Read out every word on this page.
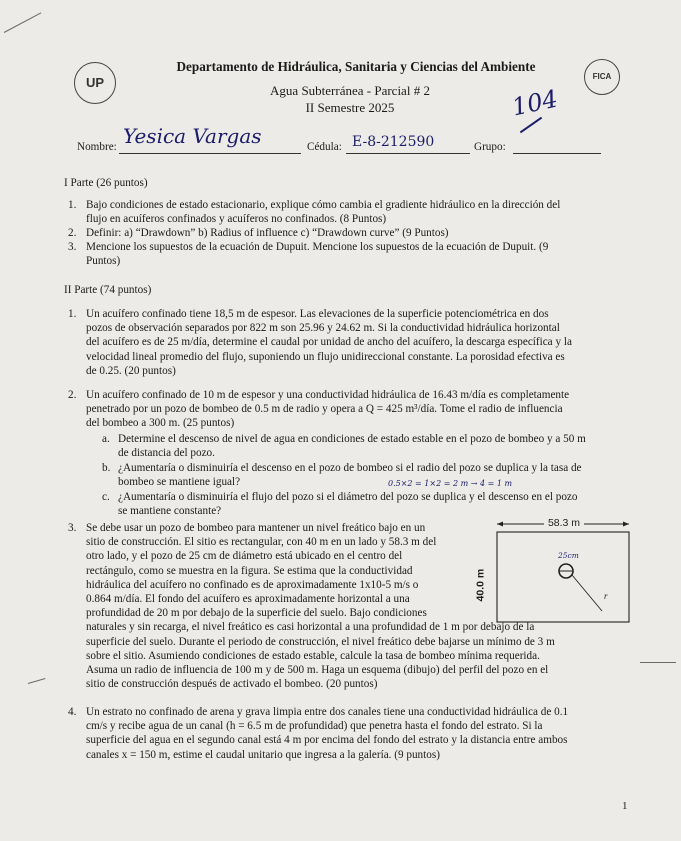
UP	FICA
Departamento de Hidráulica, Sanitaria y Ciencias del Ambiente
Agua Subterránea - Parcial # 2
II Semestre 2025	104
Nombre: Yesica Vargas	Cédula: E-8-212590	Grupo:
I Parte (26 puntos)
1. Bajo condiciones de estado estacionario, explique cómo cambia el gradiente hidráulico en la dirección del
flujo en acuíferos confinados y acuíferos no confinados. (8 Puntos)
2. Definir: a) “Drawdown” b) Radius of influence c) “Drawdown curve” (9 Puntos)
3. Mencione los supuestos de la ecuación de Dupuit. Mencione los supuestos de la ecuación de Dupuit. (9
Puntos)
II Parte (74 puntos)
1. Un acuífero confinado tiene 18,5 m de espesor. Las elevaciones de la superficie potenciométrica en dos
pozos de observación separados por 822 m son 25.96 y 24.62 m. Si la conductividad hidráulica horizontal
del acuífero es de 25 m/día, determine el caudal por unidad de ancho del acuífero, la descarga específica y la
velocidad lineal promedio del flujo, suponiendo un flujo unidireccional constante. La porosidad efectiva es
de 0.25. (20 puntos)
2. Un acuífero confinado de 10 m de espesor y una conductividad hidráulica de 16.43 m/día es completamente
penetrado por un pozo de bombeo de 0.5 m de radio y opera a Q = 425 m³/día. Tome el radio de influencia
del bombeo a 300 m. (25 puntos)
a. Determine el descenso de nivel de agua en condiciones de estado estable en el pozo de bombeo y a 50 m
de distancia del pozo.
b. ¿Aumentaría o disminuiría el descenso en el pozo de bombeo si el radio del pozo se duplica y la tasa de
bombeo se mantiene igual?	0.5×2 = 1×2 = 2 m → 4 = 1 m
c. ¿Aumentaría o disminuiría el flujo del pozo si el diámetro del pozo se duplica y el descenso en el pozo
se mantiene constante?
3. Se debe usar un pozo de bombeo para mantener un nivel freático bajo en un
sitio de construcción. El sitio es rectangular, con 40 m en un lado y 58.3 m del
otro lado, y el pozo de 25 cm de diámetro está ubicado en el centro del
rectángulo, como se muestra en la figura. Se estima que la conductividad
hidráulica del acuífero no confinado es de aproximadamente 1x10-5 m/s o
0.864 m/día. El fondo del acuífero es aproximadamente horizontal a una
profundidad de 20 m por debajo de la superficie del suelo. Bajo condiciones
naturales y sin recarga, el nivel freático es casi horizontal a una profundidad de 1 m por debajo de la
superficie del suelo. Durante el periodo de construcción, el nivel freático debe bajarse un mínimo de 3 m
sobre el sitio. Asumiendo condiciones de estado estable, calcule la tasa de bombeo mínima requerida.
Asuma un radio de influencia de 100 m y de 500 m. Haga un esquema (dibujo) del perfil del pozo en el
sitio de construcción después de activado el bombeo. (20 puntos)
58.3 m
r
25cm
40.0 m
4. Un estrato no confinado de arena y grava limpia entre dos canales tiene una conductividad hidráulica de 0.1
cm/s y recibe agua de un canal (h = 6.5 m de profundidad) que penetra hasta el fondo del estrato. Si la
superficie del agua en el segundo canal está 4 m por encima del fondo del estrato y la distancia entre ambos
canales x = 150 m, estime el caudal unitario que ingresa a la galería. (9 puntos)
1
